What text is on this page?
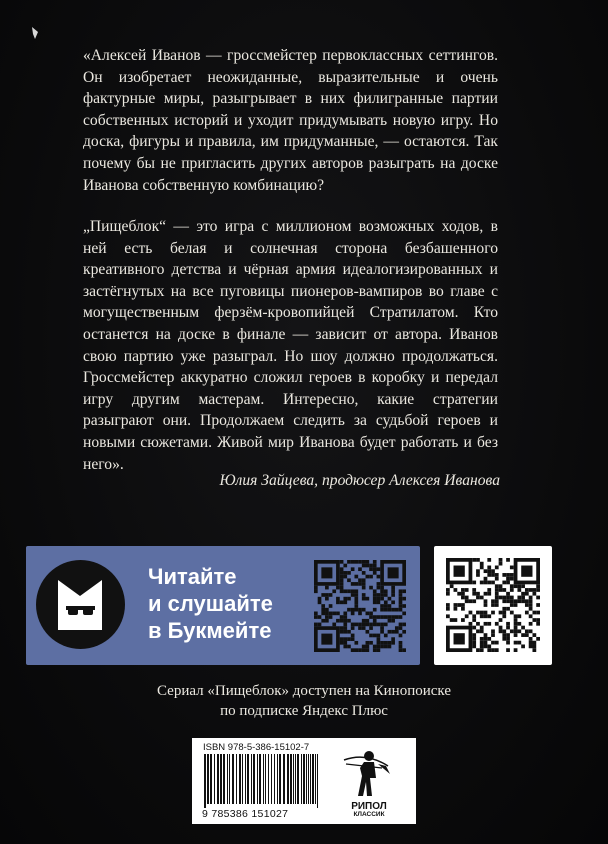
«Алексей Иванов — гроссмейстер первоклассных сеттингов. Он изобретает неожиданные, выразительные и очень фактурные миры, разыгрывает в них филигранные партии собственных историй и уходит придумывать новую игру. Но доска, фигуры и правила, им придуманные, — остаются. Так почему бы не пригласить других авторов разыграть на доске Иванова собственную комбинацию?
„Пищеблок“ — это игра с миллионом возможных ходов, в ней есть белая и солнечная сторона безбашенного креативного детства и чёрная армия идеалогизированных и застёгнутых на все пуговицы пионеров-вампиров во главе с могущественным ферзём-кровопийцей Стратилатом. Кто останется на доске в финале — зависит от автора. Иванов свою партию уже разыграл. Но шоу должно продолжаться. Гроссмейстер аккуратно сложил героев в коробку и передал игру другим мастерам. Интересно, какие стратегии разыграют они. Продолжаем следить за судьбой героев и новыми сюжетами. Живой мир Иванова будет работать и без него».
Юлия Зайцева, продюсер Алексея Иванова
Читайте
и слушайте
в Букмейте
Сериал «Пищеблок» доступен на Кинопоиске
по подписке Яндекс Плюс
ISBN 978-5-386-15102-7
9 785386 151027
РИПОЛ
КЛАССИК
